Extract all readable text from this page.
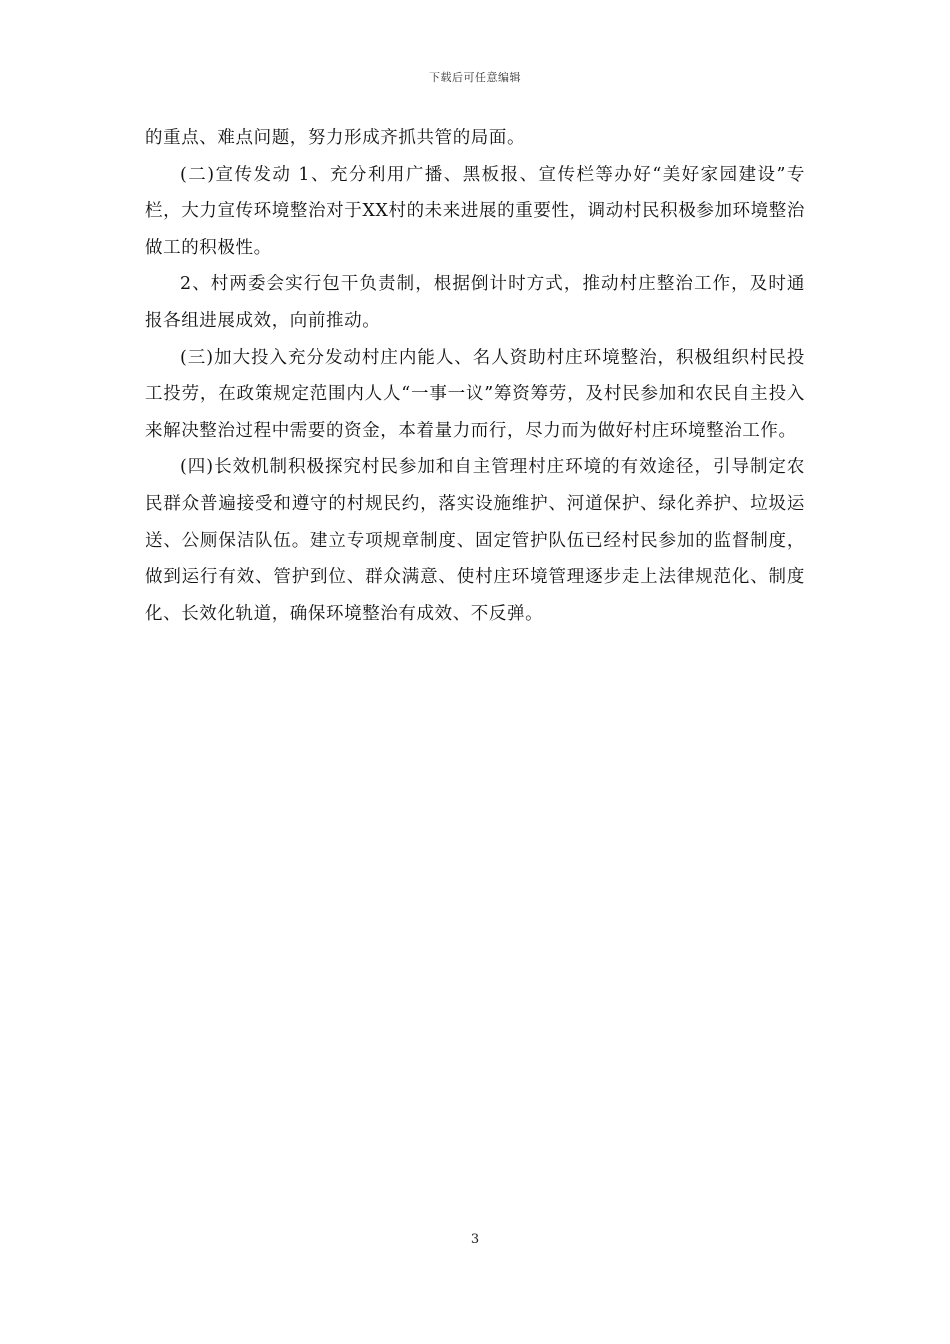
下载后可任意编辑

的重点、难点问题，努力形成齐抓共管的局面。

(二)宣传发动 1、充分利用广播、黑板报、宣传栏等办好“美好家园建设”专栏，大力宣传环境整治对于XX村的未来进展的重要性，调动村民积极参加环境整治做工的积极性。

2、村两委会实行包干负责制，根据倒计时方式，推动村庄整治工作，及时通报各组进展成效，向前推动。

(三)加大投入充分发动村庄内能人、名人资助村庄环境整治，积极组织村民投工投劳，在政策规定范围内人人“一事一议”筹资筹劳，及村民参加和农民自主投入来解决整治过程中需要的资金，本着量力而行，尽力而为做好村庄环境整治工作。

(四)长效机制积极探究村民参加和自主管理村庄环境的有效途径，引导制定农民群众普遍接受和遵守的村规民约，落实设施维护、河道保护、绿化养护、垃圾运送、公厕保洁队伍。建立专项规章制度、固定管护队伍已经村民参加的监督制度，做到运行有效、管护到位、群众满意、使村庄环境管理逐步走上法律规范化、制度化、长效化轨道，确保环境整治有成效、不反弹。

3
